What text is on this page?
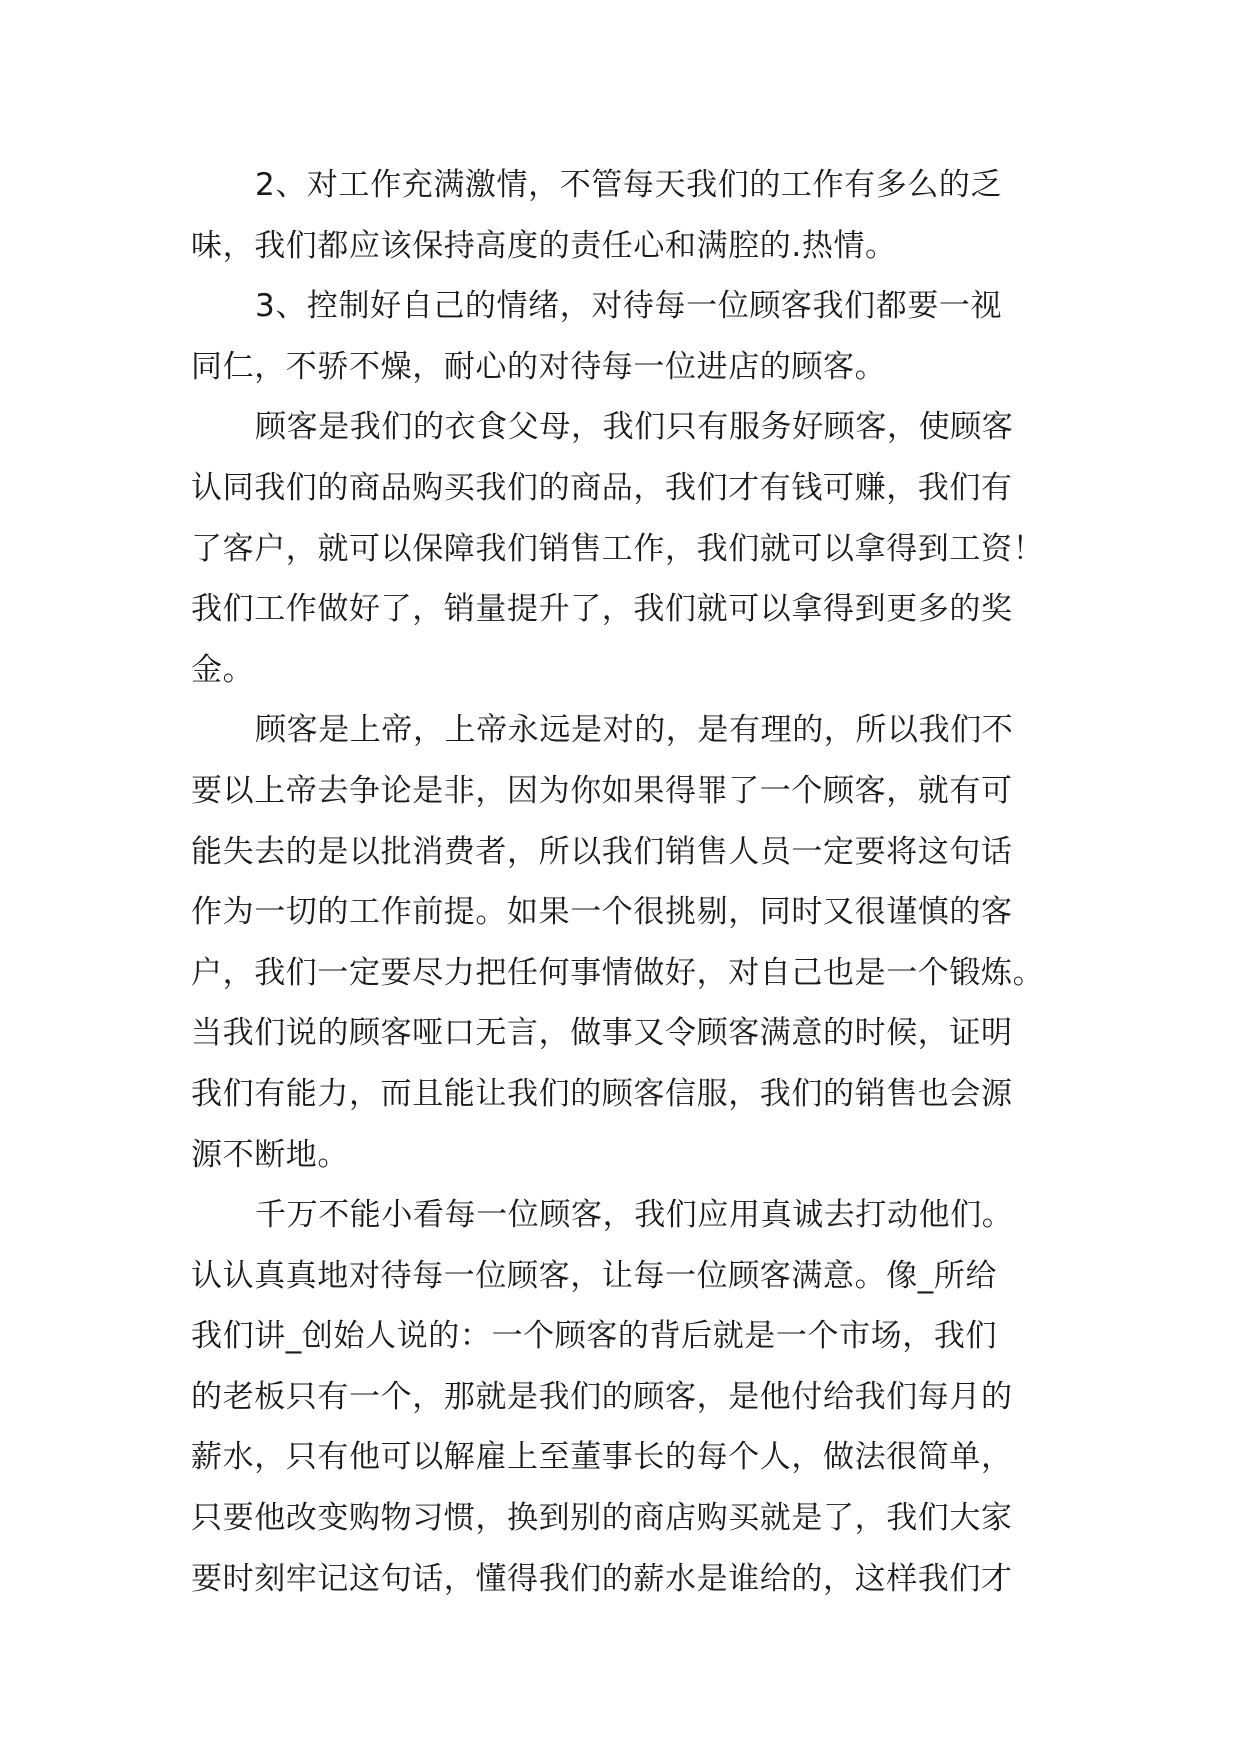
2、对工作充满激情，不管每天我们的工作有多么的乏
味，我们都应该保持高度的责任心和满腔的.热情。
3、控制好自己的情绪，对待每一位顾客我们都要一视
同仁，不骄不燥，耐心的对待每一位进店的顾客。
顾客是我们的衣食父母，我们只有服务好顾客，使顾客
认同我们的商品购买我们的商品，我们才有钱可赚，我们有
了客户，就可以保障我们销售工作，我们就可以拿得到工资！
我们工作做好了，销量提升了，我们就可以拿得到更多的奖
金。
顾客是上帝，上帝永远是对的，是有理的，所以我们不
要以上帝去争论是非，因为你如果得罪了一个顾客，就有可
能失去的是以批消费者，所以我们销售人员一定要将这句话
作为一切的工作前提。如果一个很挑剔，同时又很谨慎的客
户，我们一定要尽力把任何事情做好，对自己也是一个锻炼。
当我们说的顾客哑口无言，做事又令顾客满意的时候，证明
我们有能力，而且能让我们的顾客信服，我们的销售也会源
源不断地。
千万不能小看每一位顾客，我们应用真诚去打动他们。
认认真真地对待每一位顾客，让每一位顾客满意。像_所给
我们讲_创始人说的：一个顾客的背后就是一个市场，我们
的老板只有一个，那就是我们的顾客，是他付给我们每月的
薪水，只有他可以解雇上至董事长的每个人，做法很简单，
只要他改变购物习惯，换到别的商店购买就是了，我们大家
要时刻牢记这句话，懂得我们的薪水是谁给的，这样我们才
